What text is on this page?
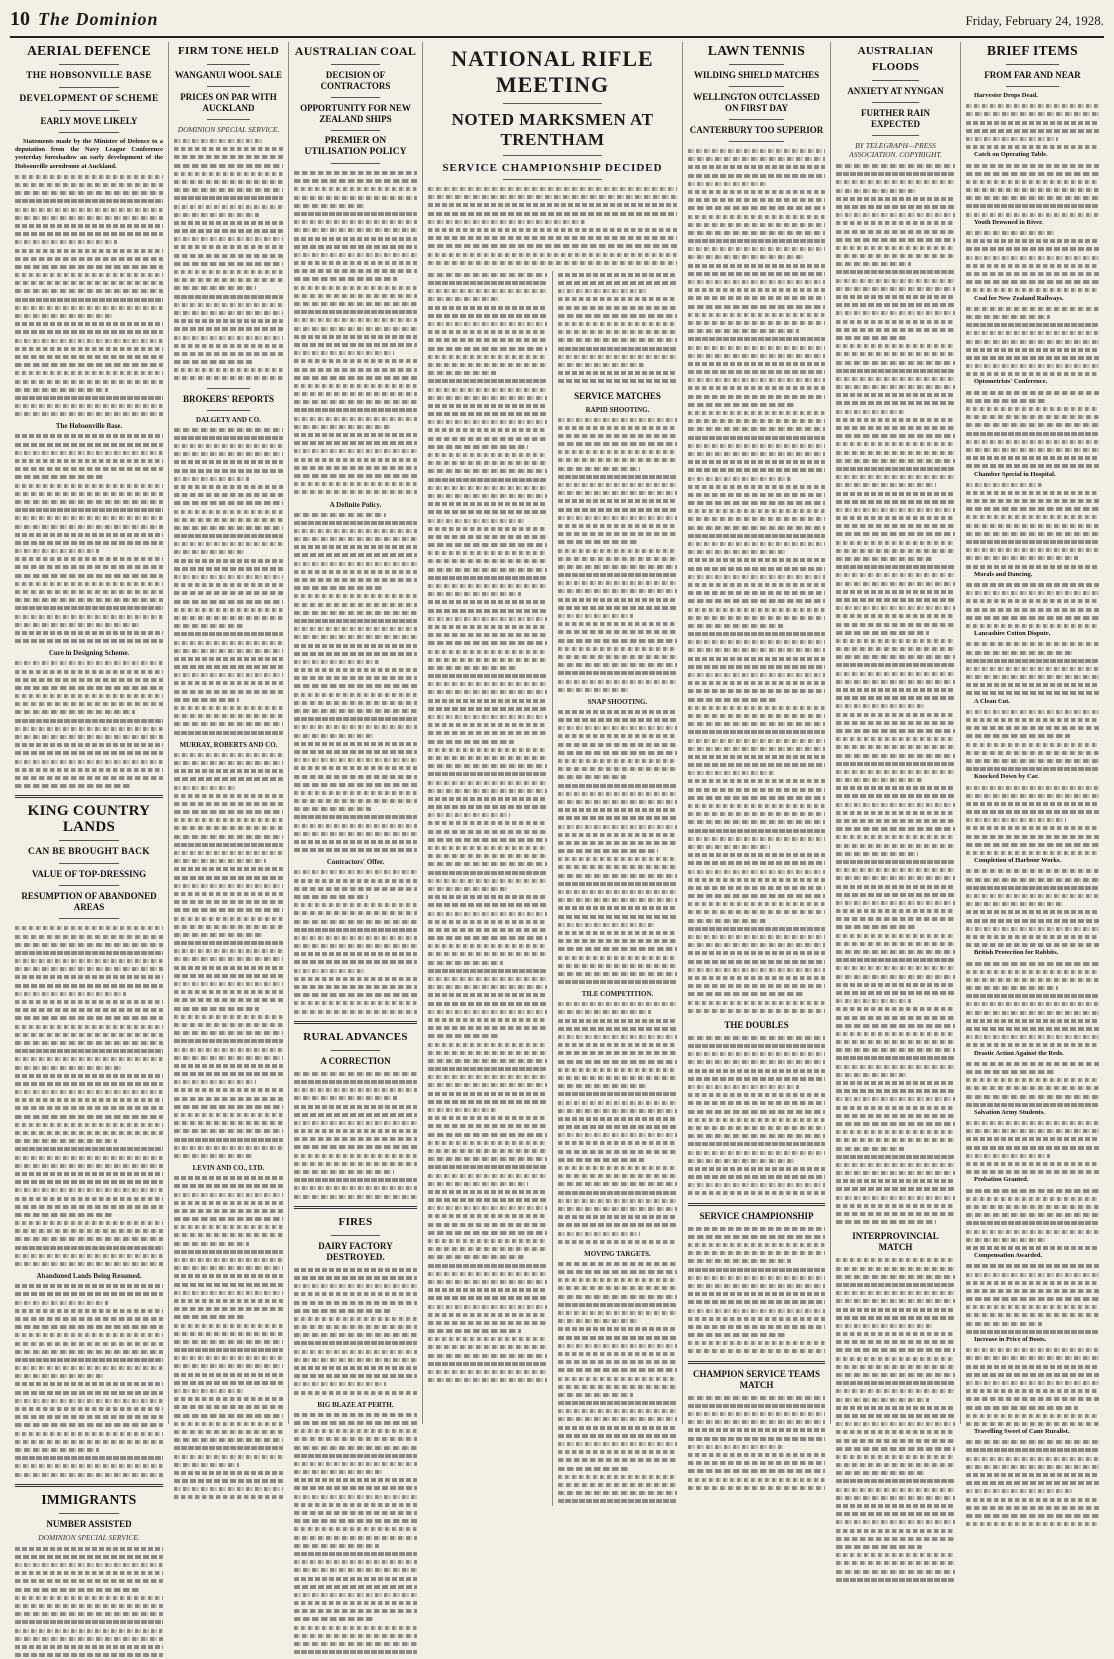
10 The Dominion	Friday, February 24, 1928.
AERIAL DEFENCE
THE HOBSONVILLE BASE
DEVELOPMENT OF SCHEME
EARLY MOVE LIKELY

Statements made by the Minister of Defence to a deputation from the Navy League Conference yesterday foreshadow an early development of the Hobsonville aerodrome at Auckland.

The Hobsonville Base.
Cure in Designing Scheme.
KING COUNTRY LANDS
CAN BE BROUGHT BACK
VALUE OF TOP-DRESSING
RESUMPTION OF ABANDONED AREAS
Abandoned Lands Being Resumed.
IMMIGRANTS
NUMBER ASSISTED
DOMINION SPECIAL SERVICE.
FIRM TONE HELD
WANGANUI WOOL SALE
PRICES ON PAR WITH AUCKLAND
DOMINION SPECIAL SERVICE.
BROKERS' REPORTS
DALGETY AND CO.
MURRAY, ROBERTS AND CO.
LEVIN AND CO., LTD.
AUSTRALIAN COAL
DECISION OF CONTRACTORS
OPPORTUNITY FOR NEW ZEALAND SHIPS
PREMIER ON UTILISATION POLICY
A Definite Policy.
Contractors' Offer.
RURAL ADVANCES
A CORRECTION
FIRES
DAIRY FACTORY DESTROYED.
BIG BLAZE AT PERTH.
NATIONAL RIFLE MEETING
NOTED MARKSMEN AT TRENTHAM
SERVICE CHAMPIONSHIP DECIDED
SERVICE MATCHES
RAPID SHOOTING.
SNAP SHOOTING.
TILE COMPETITION.
MOVING TARGETS.
LAWN TENNIS
WILDING SHIELD MATCHES
WELLINGTON OUTCLASSED ON FIRST DAY
CANTERBURY TOO SUPERIOR
THE DOUBLES
SERVICE CHAMPIONSHIP
CHAMPION SERVICE TEAMS MATCH
AUSTRALIAN FLOODS
ANXIETY AT NYNGAN
FURTHER RAIN EXPECTED
BY TELEGRAPH—PRESS ASSOCIATION. COPYRIGHT.
INTERPROVINCIAL MATCH
BRIEF ITEMS
FROM FAR AND NEAR

Harvester Drops Dead.

Catch on Operating Table.

Youth Drowned in River.

Coal for New Zealand Railways.

Optometrists' Conference.

Chamber Special in Hospital.

Morals and Dancing.

Lancashire Cotton Dispute.

A Clean Cut.

Knocked Down by Car.

Completion of Harbour Works.

British Protection for Rabbits.

Drastic Action Against the Reds.

Salvation Army Students.

Probation Granted.

Compensation Awarded.

Increase in Price of Boots.

Travelling Sweet of Cane Ruralist.
